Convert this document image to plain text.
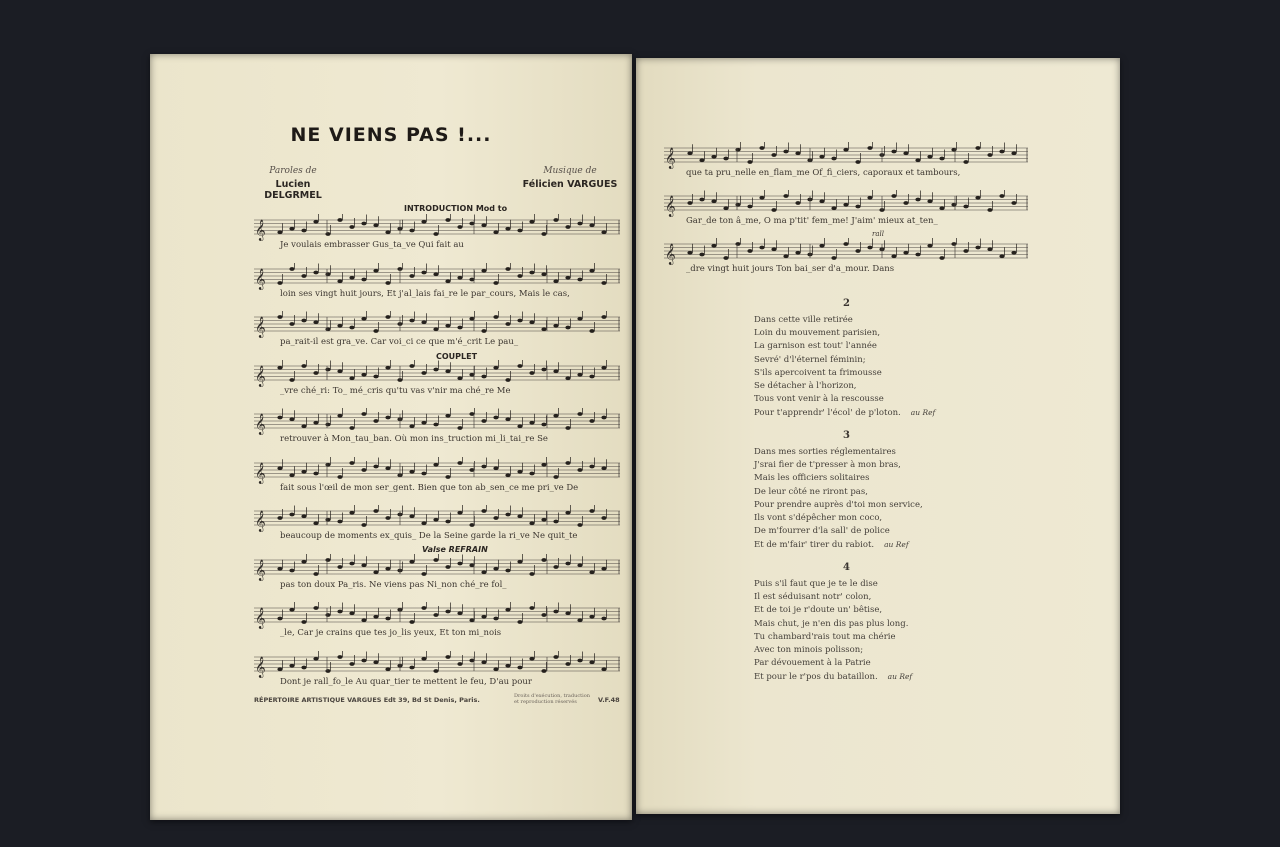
NE VIENS PAS !...
Paroles de
Lucien DELGRMEL
Musique de
Félicien VARGUES
INTRODUCTION Mod to
COUPLET
Valse REFRAIN
𝄞
Je voulais embrasser Gus_ta_ve Qui fait au
𝄞
loin ses vingt huit jours, Et j'al_lais fai_re le par_cours, Mais le cas,
𝄞
pa_rait-il est gra_ve. Car voi_ci ce que m'é_crit Le pau_
𝄞
_vre ché_ri: To_ mé_cris qu'tu vas v'nir ma ché_re Me
𝄞
retrouver à Mon_tau_ban. Où mon ins_truction mi_li_tai_re Se
𝄞
fait sous l'œil de mon ser_gent. Bien que ton ab_sen_ce me pri_ve De
𝄞
beaucoup de moments ex_quis_ De la Seine garde la ri_ve Ne quit_te
𝄞
pas ton doux Pa_ris. Ne viens pas Ni_non ché_re fol_
𝄞
_le, Car je crains que tes jo_lis yeux, Et ton mi_nois
𝄞
Dont je rall_fo_le Au quar_tier te mettent le feu, D'au pour
RÉPERTOIRE ARTISTIQUE VARGUES Edt 39, Bd St Denis, Paris.	Droits d'exécution, traduction et reproduction réservés	V.F.48
𝄞
que ta pru_nelle en_flam_me Of_fi_ciers, caporaux et tambours,
𝄞
Gar_de ton â_me, O ma p'tit' fem_me! J'aim' mieux at_ten_
𝄞
_dre vingt huit jours Ton bai_ser d'a_mour. Dans
rall
2
Dans cette ville retirée
Loin du mouvement parisien,
La garnison est tout' l'année
Sevré' d'l'éternel féminin;
S'ils apercoivent ta frimousse
Se détacher à l'horizon,
Tous vont venir à la rescousse
Pour t'apprendr' l'écol' de p'loton. au Ref
3
Dans mes sorties réglementaires
J'srai fier de t'presser à mon bras,
Mais les officiers solitaires
De leur côté ne riront pas,
Pour prendre auprès d'toi mon service,
Ils vont s'dépêcher mon coco,
De m'fourrer d'la sall' de police
Et de m'fair' tirer du rabiot. au Ref
4
Puis s'il faut que je te le dise
Il est séduisant notr' colon,
Et de toi je r'doute un' bêtise,
Mais chut, je n'en dis pas plus long.
Tu chambard'rais tout ma chérie
Avec ton minois polisson;
Par dévouement à la Patrie
Et pour le r'pos du bataillon. au Ref
